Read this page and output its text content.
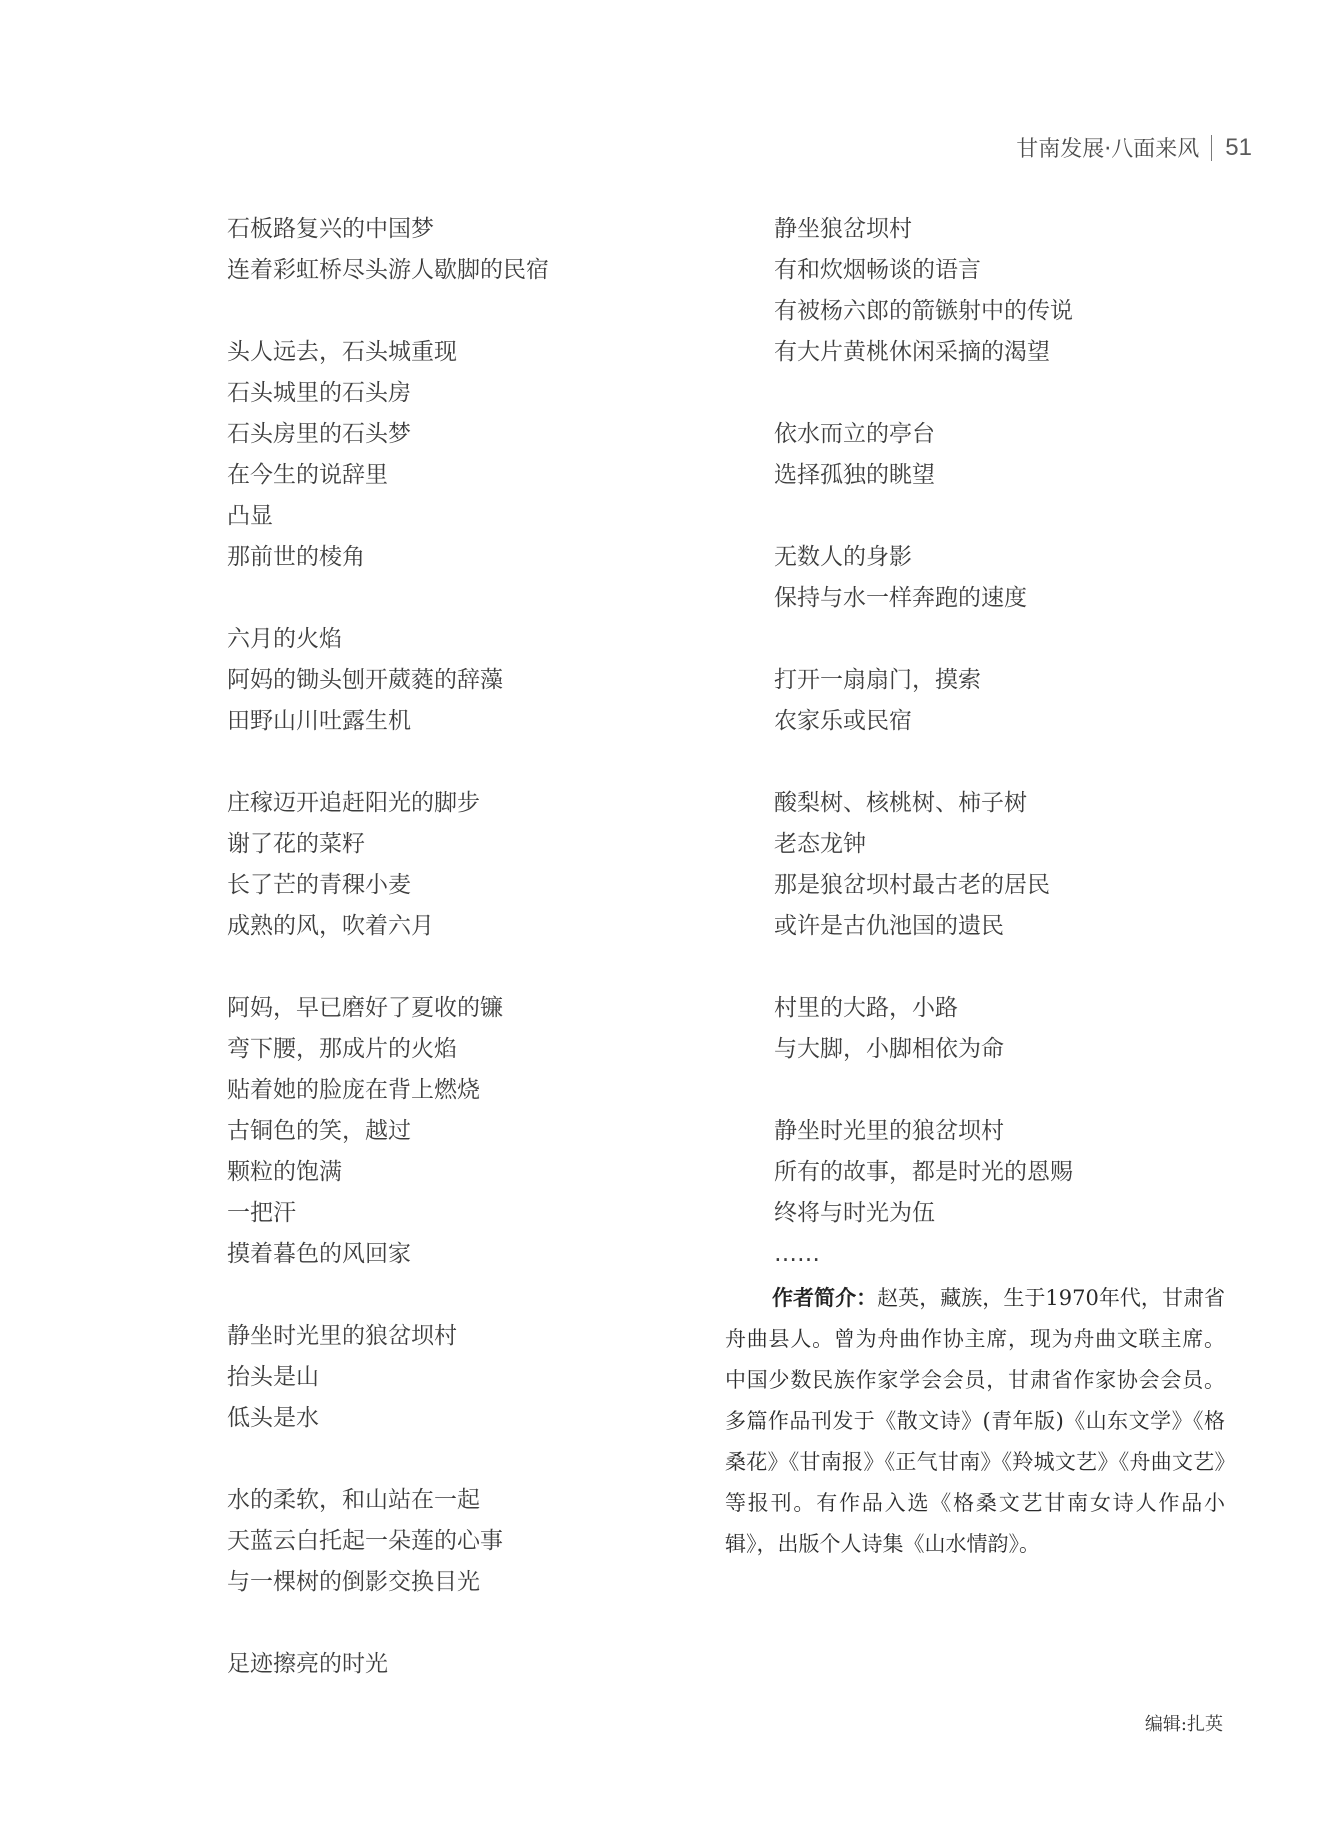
甘南发展·八面来风 51
石板路复兴的中国梦
连着彩虹桥尽头游人歇脚的民宿
头人远去，石头城重现
石头城里的石头房
石头房里的石头梦
在今生的说辞里
凸显
那前世的棱角
六月的火焰
阿妈的锄头刨开葳蕤的辞藻
田野山川吐露生机
庄稼迈开追赶阳光的脚步
谢了花的菜籽
长了芒的青稞小麦
成熟的风，吹着六月
阿妈，早已磨好了夏收的镰
弯下腰，那成片的火焰
贴着她的脸庞在背上燃烧
古铜色的笑，越过
颗粒的饱满
一把汗
摸着暮色的风回家
静坐时光里的狼岔坝村
抬头是山
低头是水
水的柔软，和山站在一起
天蓝云白托起一朵莲的心事
与一棵树的倒影交换目光
足迹擦亮的时光
静坐狼岔坝村
有和炊烟畅谈的语言
有被杨六郎的箭镞射中的传说
有大片黄桃休闲采摘的渴望
依水而立的亭台
选择孤独的眺望
无数人的身影
保持与水一样奔跑的速度
打开一扇扇门，摸索
农家乐或民宿
酸梨树、核桃树、柿子树
老态龙钟
那是狼岔坝村最古老的居民
或许是古仇池国的遗民
村里的大路，小路
与大脚，小脚相依为命
静坐时光里的狼岔坝村
所有的故事，都是时光的恩赐
终将与时光为伍
……
作者简介：赵英，藏族，生于1970年代，甘肃省舟曲县人。曾为舟曲作协主席，现为舟曲文联主席。中国少数民族作家学会会员，甘肃省作家协会会员。多篇作品刊发于《散文诗》(青年版)《山东文学》《格桑花》《甘南报》《正气甘南》《羚城文艺》《舟曲文艺》等报刊。有作品入选《格桑文艺甘南女诗人作品小辑》，出版个人诗集《山水情韵》。
编辑:扎英
